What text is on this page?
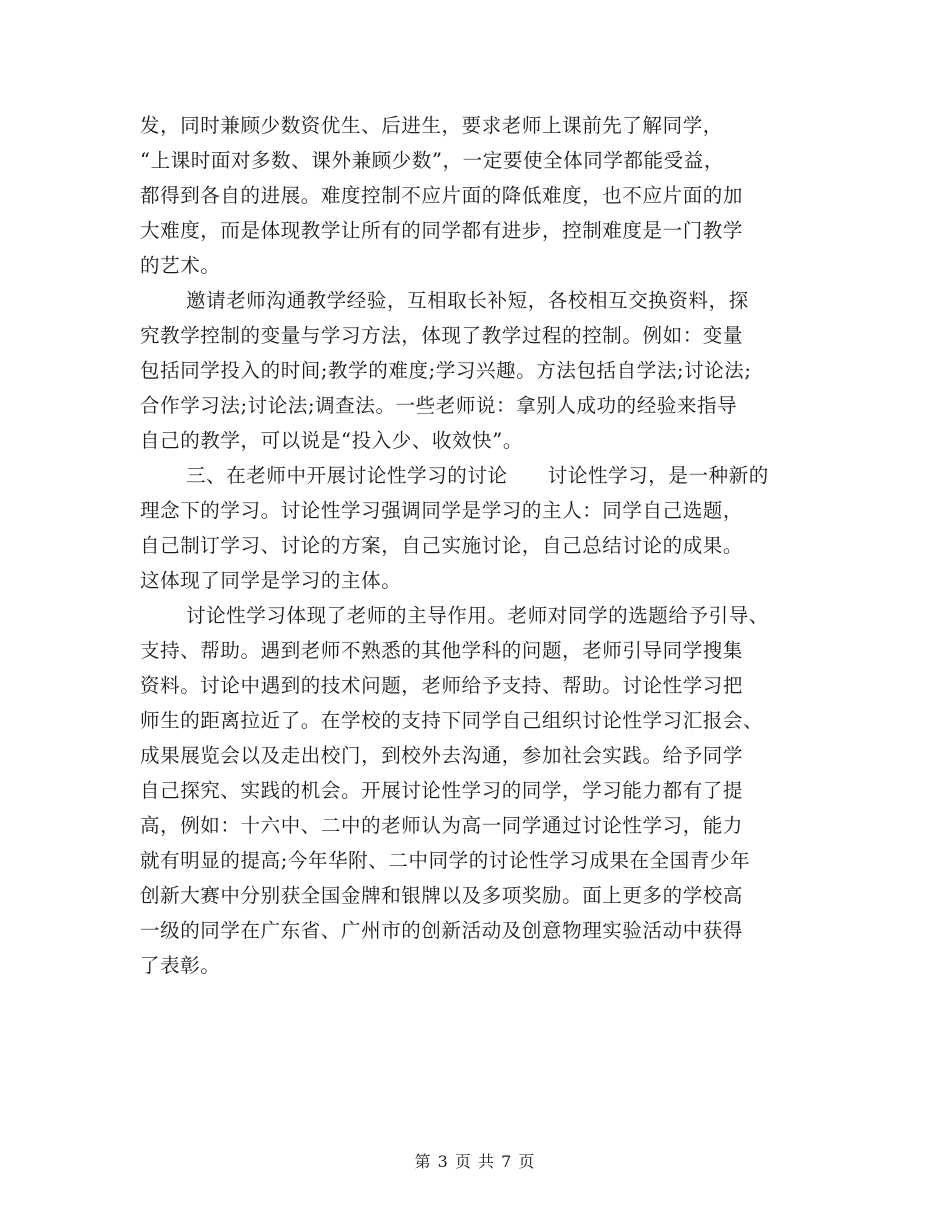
发，同时兼顾少数资优生、后进生，要求老师上课前先了解同学，
“上课时面对多数、课外兼顾少数”，一定要使全体同学都能受益，
都得到各自的进展。难度控制不应片面的降低难度，也不应片面的加
大难度，而是体现教学让所有的同学都有进步，控制难度是一门教学
的艺术。
邀请老师沟通教学经验，互相取长补短，各校相互交换资料，探
究教学控制的变量与学习方法，体现了教学过程的控制。例如：变量
包括同学投入的时间;教学的难度;学习兴趣。方法包括自学法;讨论法;
合作学习法;讨论法;调查法。一些老师说：拿别人成功的经验来指导
自己的教学，可以说是“投入少、收效快”。
三、在老师中开展讨论性学习的讨论　　讨论性学习，是一种新的
理念下的学习。讨论性学习强调同学是学习的主人：同学自己选题，
自己制订学习、讨论的方案，自己实施讨论，自己总结讨论的成果。
这体现了同学是学习的主体。
讨论性学习体现了老师的主导作用。老师对同学的选题给予引导、
支持、帮助。遇到老师不熟悉的其他学科的问题，老师引导同学搜集
资料。讨论中遇到的技术问题，老师给予支持、帮助。讨论性学习把
师生的距离拉近了。在学校的支持下同学自己组织讨论性学习汇报会、
成果展览会以及走出校门，到校外去沟通，参加社会实践。给予同学
自己探究、实践的机会。开展讨论性学习的同学，学习能力都有了提
高，例如：十六中、二中的老师认为高一同学通过讨论性学习，能力
就有明显的提高;今年华附、二中同学的讨论性学习成果在全国青少年
创新大赛中分别获全国金牌和银牌以及多项奖励。面上更多的学校高
一级的同学在广东省、广州市的创新活动及创意物理实验活动中获得
了表彰。
第 3 页 共 7 页
